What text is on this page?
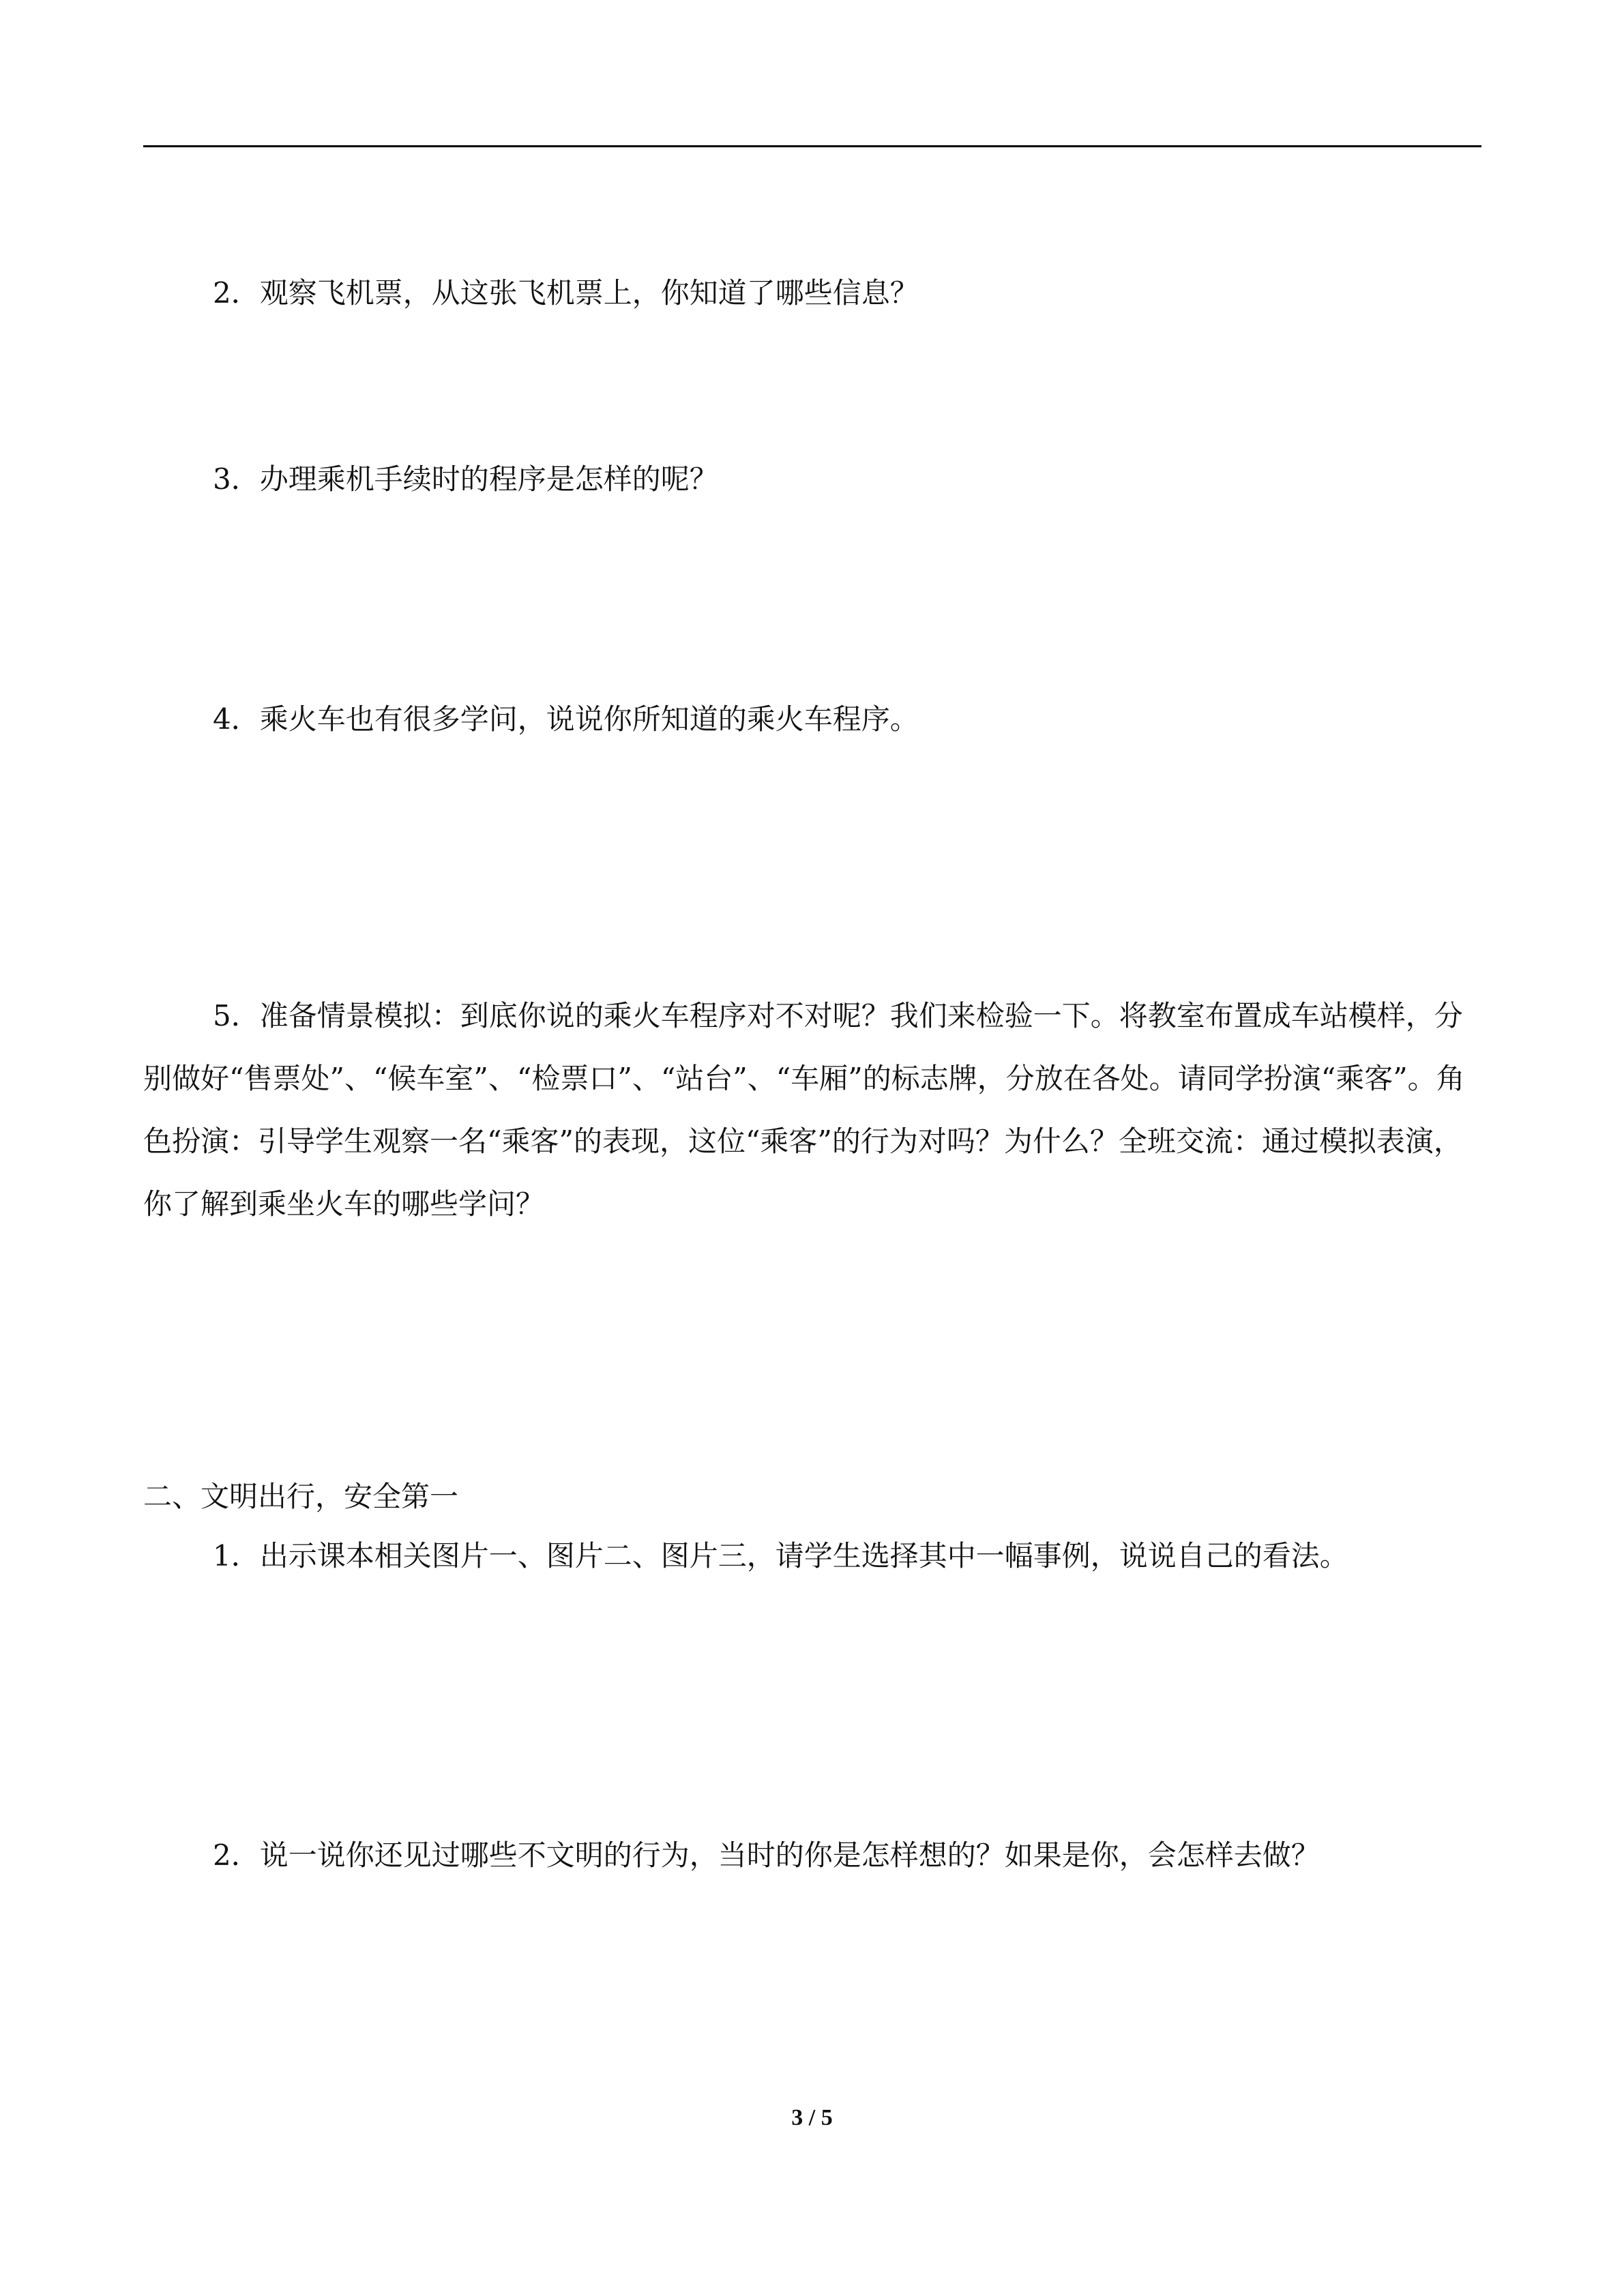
2．观察飞机票，从这张飞机票上，你知道了哪些信息？
3．办理乘机手续时的程序是怎样的呢？
4．乘火车也有很多学问，说说你所知道的乘火车程序。
5．准备情景模拟：到底你说的乘火车程序对不对呢？我们来检验一下。将教室布置成车站模样，分别做好“售票处”、“候车室”、“检票口”、“站台”、“车厢”的标志牌，分放在各处。请同学扮演“乘客”。角色扮演：引导学生观察一名“乘客”的表现，这位“乘客”的行为对吗？为什么？全班交流：通过模拟表演，你了解到乘坐火车的哪些学问？
二、文明出行，安全第一
1．出示课本相关图片一、图片二、图片三，请学生选择其中一幅事例，说说自己的看法。
2．说一说你还见过哪些不文明的行为，当时的你是怎样想的？如果是你，会怎样去做？
3 / 5
